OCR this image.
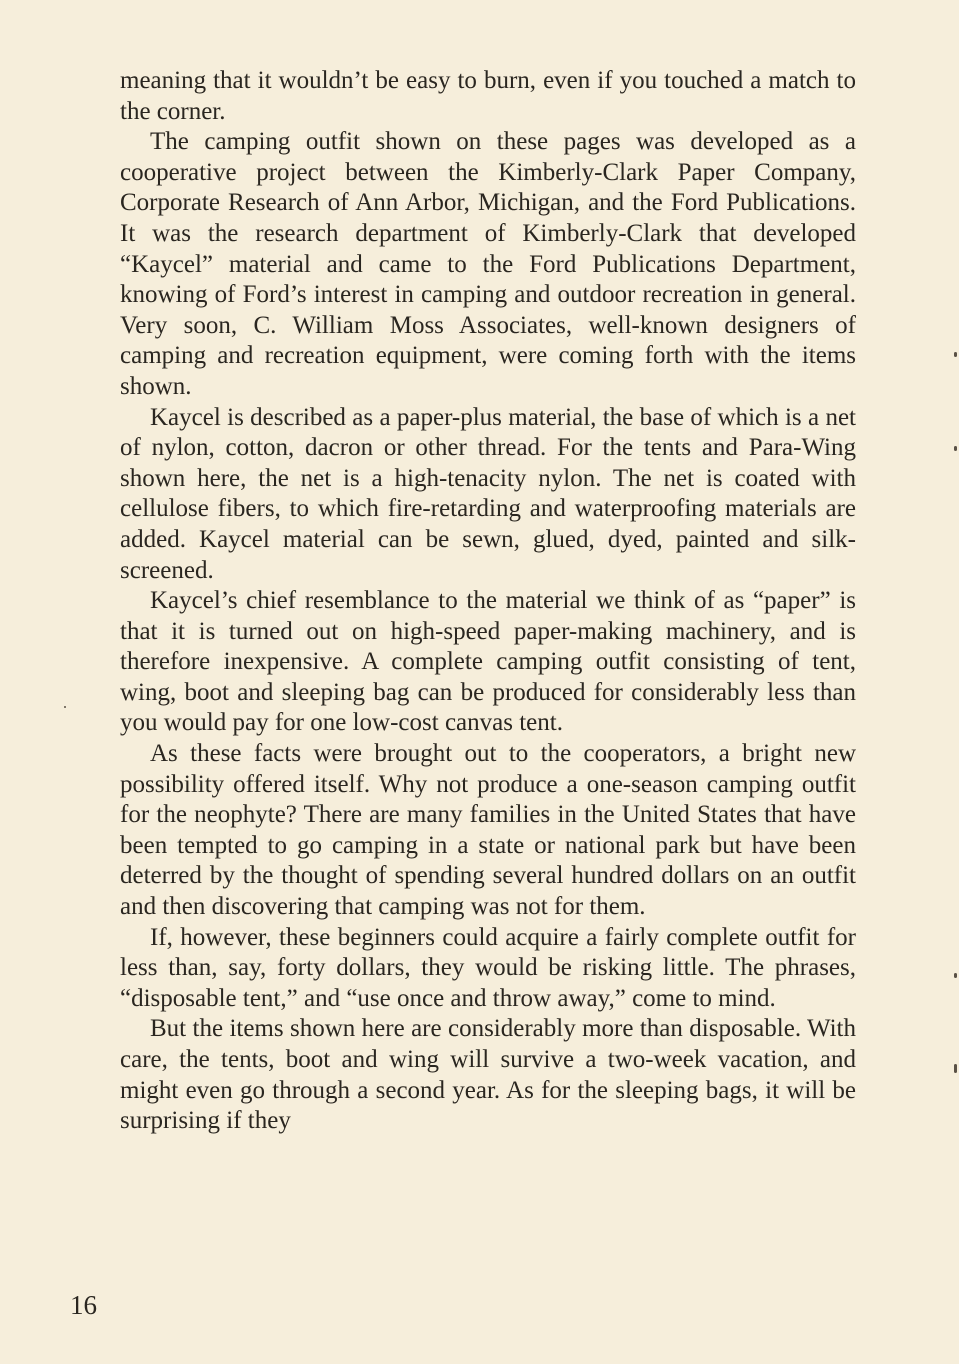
meaning that it wouldn’t be easy to burn, even if you touched a match to the corner.

The camping outfit shown on these pages was developed as a cooperative project between the Kimberly-Clark Paper Company, Corporate Research of Ann Arbor, Michigan, and the Ford Publications. It was the research department of Kimberly-Clark that developed “Kaycel” material and came to the Ford Publications Department, knowing of Ford’s interest in camping and outdoor recreation in general. Very soon, C. William Moss Associates, well-known designers of camping and recreation equipment, were coming forth with the items shown.

Kaycel is described as a paper-plus material, the base of which is a net of nylon, cotton, dacron or other thread. For the tents and Para-Wing shown here, the net is a high-tenacity nylon. The net is coated with cellulose fibers, to which fire-retarding and waterproofing materials are added. Kaycel material can be sewn, glued, dyed, painted and silk-screened.

Kaycel’s chief resemblance to the material we think of as “paper” is that it is turned out on high-speed paper-making machinery, and is therefore inexpensive. A complete camping outfit consisting of tent, wing, boot and sleeping bag can be produced for considerably less than you would pay for one low-cost canvas tent.

As these facts were brought out to the cooperators, a bright new possibility offered itself. Why not produce a one-season camping outfit for the neophyte? There are many families in the United States that have been tempted to go camping in a state or national park but have been deterred by the thought of spending several hundred dollars on an outfit and then discovering that camping was not for them.

If, however, these beginners could acquire a fairly complete outfit for less than, say, forty dollars, they would be risking little. The phrases, “disposable tent,” and “use once and throw away,” come to mind.

But the items shown here are considerably more than disposable. With care, the tents, boot and wing will survive a two-week vacation, and might even go through a second year. As for the sleeping bags, it will be surprising if they

16
